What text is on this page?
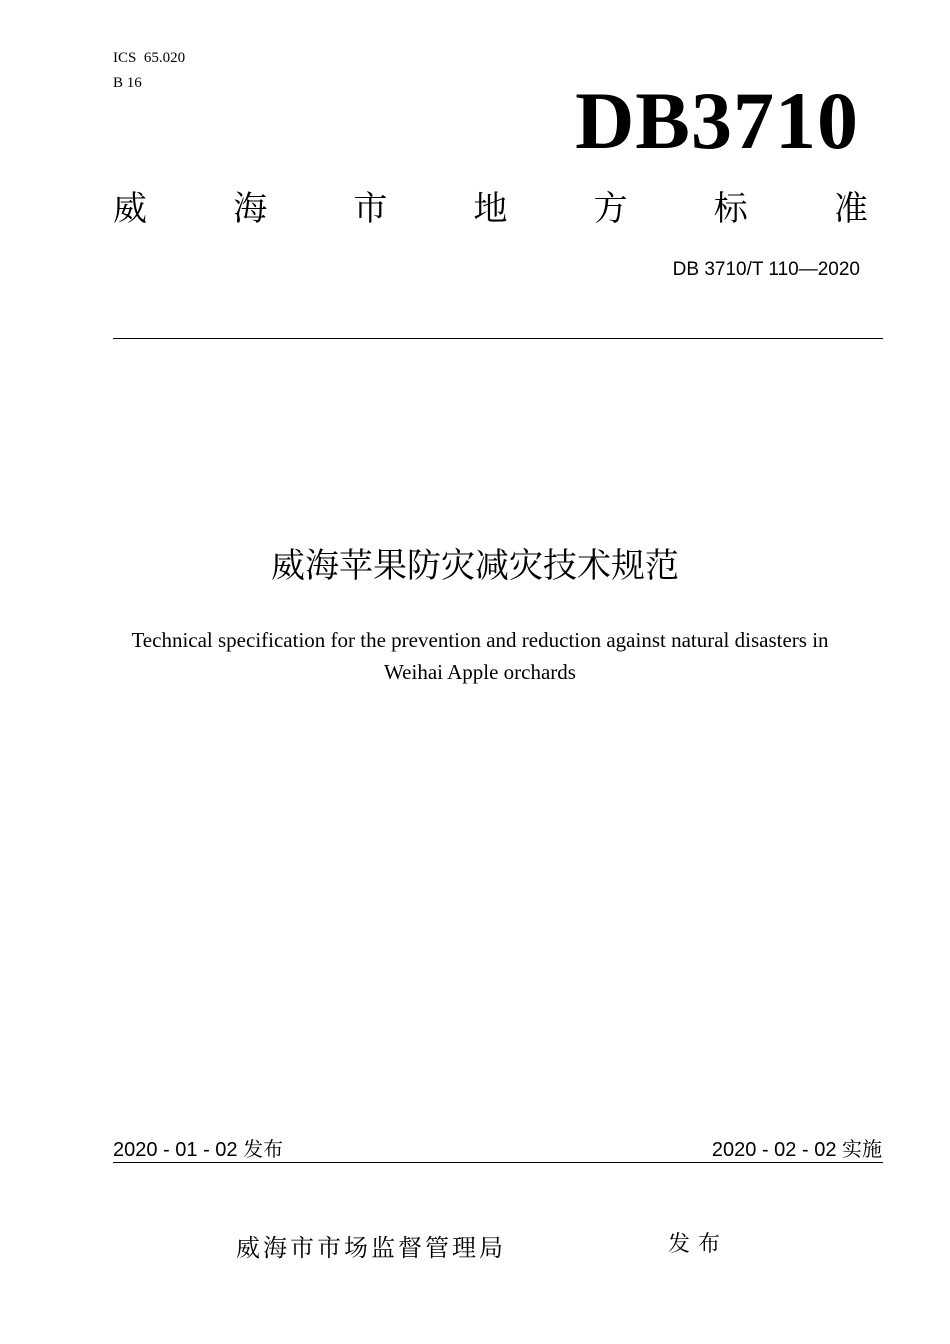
ICS  65.020
B 16	DB3710
威	海	市	地	方	标	准
DB 3710/T 110—2020
威海苹果防灾减灾技术规范
Technical specification for the prevention and reduction against natural disasters in
Weihai Apple orchards
2020 - 01 - 02 发布	2020 - 02 - 02 实施
威海市市场监督管理局	发布
